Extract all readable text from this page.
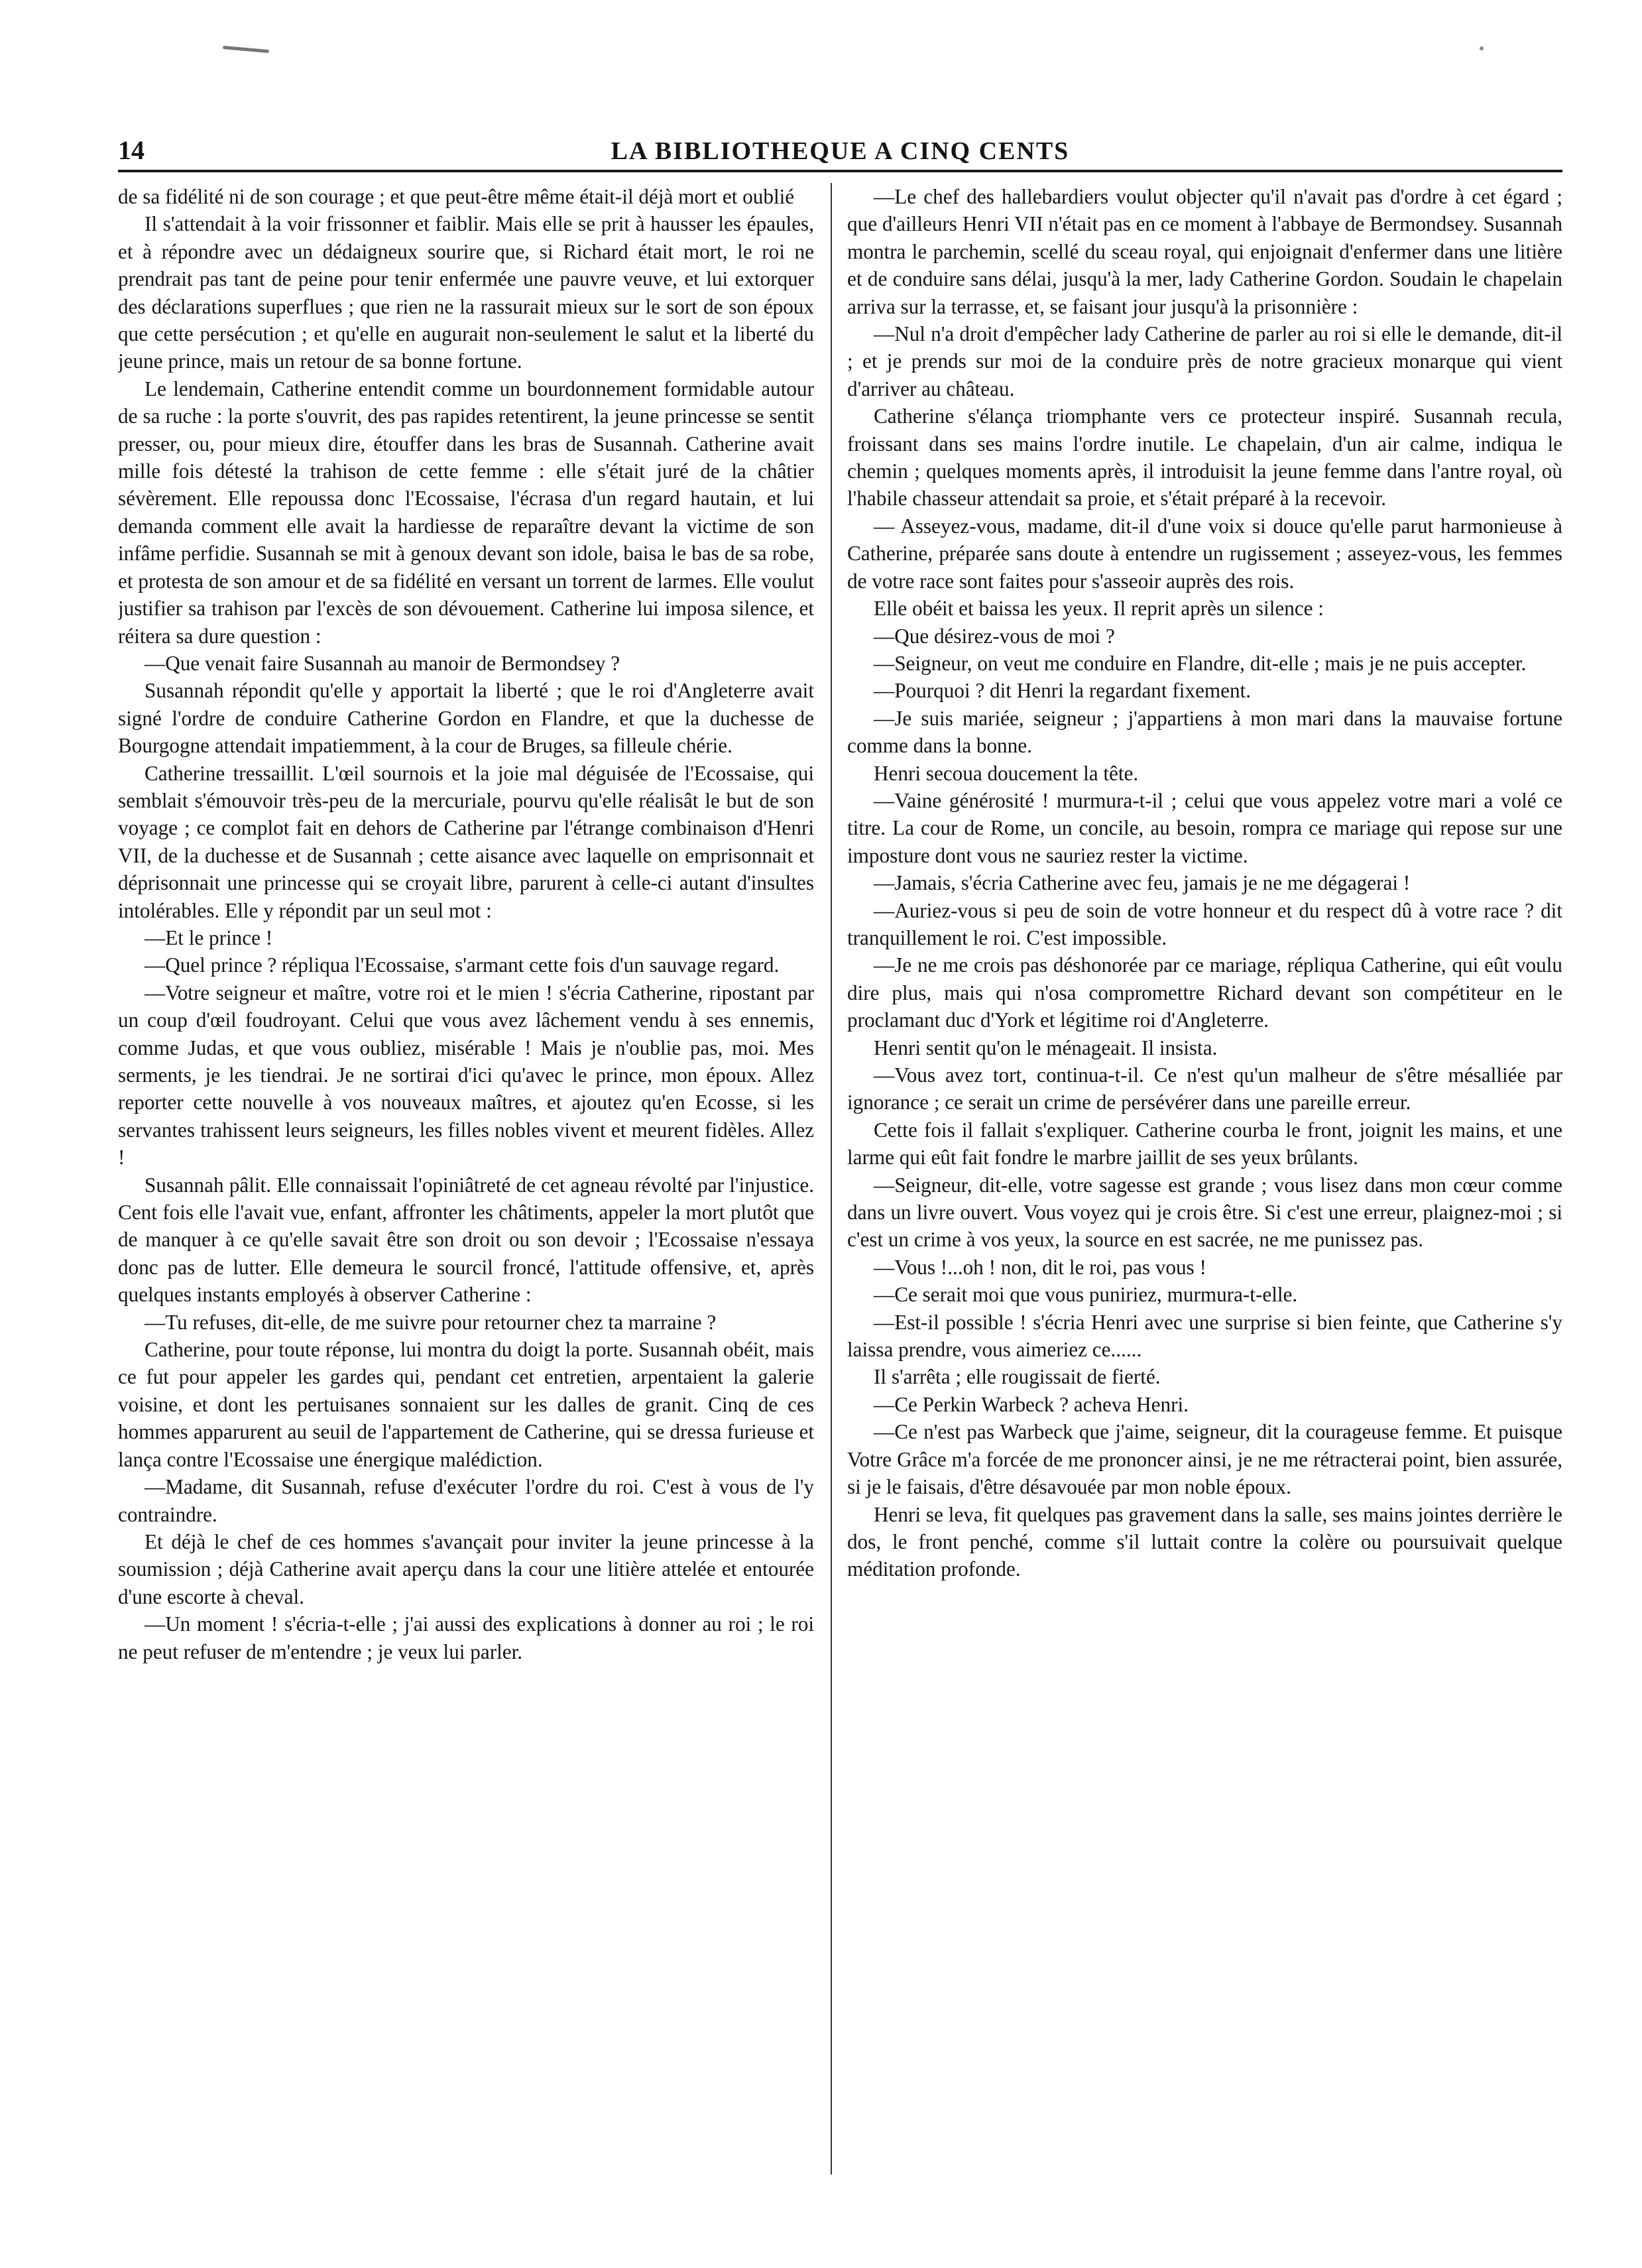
14	LA BIBLIOTHEQUE A CINQ CENTS

de sa fidélité ni de son courage ; et que peut-être même était-il déjà mort et oublié

Il s'attendait à la voir frissonner et faiblir. Mais elle se prit à hausser les épaules, et à répondre avec un dédaigneux sourire que, si Richard était mort, le roi ne prendrait pas tant de peine pour tenir enfermée une pauvre veuve, et lui extorquer des déclarations superflues ; que rien ne la rassurait mieux sur le sort de son époux que cette persécution ; et qu'elle en augurait non-seulement le salut et la liberté du jeune prince, mais un retour de sa bonne fortune.

Le lendemain, Catherine entendit comme un bourdonnement formidable autour de sa ruche : la porte s'ouvrit, des pas rapides retentirent, la jeune princesse se sentit presser, ou, pour mieux dire, étouffer dans les bras de Susannah. Catherine avait mille fois détesté la trahison de cette femme : elle s'était juré de la châtier sévèrement. Elle repoussa donc l'Ecossaise, l'écrasa d'un regard hautain, et lui demanda comment elle avait la hardiesse de reparaître devant la victime de son infâme perfidie. Susannah se mit à genoux devant son idole, baisa le bas de sa robe, et protesta de son amour et de sa fidélité en versant un torrent de larmes. Elle voulut justifier sa trahison par l'excès de son dévouement. Catherine lui imposa silence, et réitera sa dure question :

—Que venait faire Susannah au manoir de Bermondsey ?

Susannah répondit qu'elle y apportait la liberté ; que le roi d'Angleterre avait signé l'ordre de conduire Catherine Gordon en Flandre, et que la duchesse de Bourgogne attendait impatiemment, à la cour de Bruges, sa filleule chérie.

Catherine tressaillit. L'œil sournois et la joie mal déguisée de l'Ecossaise, qui semblait s'émouvoir très-peu de la mercuriale, pourvu qu'elle réalisât le but de son voyage ; ce complot fait en dehors de Catherine par l'étrange combinaison d'Henri VII, de la duchesse et de Susannah ; cette aisance avec laquelle on emprisonnait et déprisonnait une princesse qui se croyait libre, parurent à celle-ci autant d'insultes intolérables. Elle y répondit par un seul mot :

—Et le prince !

—Quel prince ? répliqua l'Ecossaise, s'armant cette fois d'un sauvage regard.

—Votre seigneur et maître, votre roi et le mien ! s'écria Catherine, ripostant par un coup d'œil foudroyant. Celui que vous avez lâchement vendu à ses ennemis, comme Judas, et que vous oubliez, misérable ! Mais je n'oublie pas, moi. Mes serments, je les tiendrai. Je ne sortirai d'ici qu'avec le prince, mon époux. Allez reporter cette nouvelle à vos nouveaux maîtres, et ajoutez qu'en Ecosse, si les servantes trahissent leurs seigneurs, les filles nobles vivent et meurent fidèles. Allez !

Susannah pâlit. Elle connaissait l'opiniâtreté de cet agneau révolté par l'injustice. Cent fois elle l'avait vue, enfant, affronter les châtiments, appeler la mort plutôt que de manquer à ce qu'elle savait être son droit ou son devoir ; l'Ecossaise n'essaya donc pas de lutter. Elle demeura le sourcil froncé, l'attitude offensive, et, après quelques instants employés à observer Catherine :

—Tu refuses, dit-elle, de me suivre pour retourner chez ta marraine ?

Catherine, pour toute réponse, lui montra du doigt la porte. Susannah obéit, mais ce fut pour appeler les gardes qui, pendant cet entretien, arpentaient la galerie voisine, et dont les pertuisanes sonnaient sur les dalles de granit. Cinq de ces hommes apparurent au seuil de l'appartement de Catherine, qui se dressa furieuse et lança contre l'Ecossaise une énergique malédiction.

—Madame, dit Susannah, refuse d'exécuter l'ordre du roi. C'est à vous de l'y contraindre.

Et déjà le chef de ces hommes s'avançait pour inviter la jeune princesse à la soumission ; déjà Catherine avait aperçu dans la cour une litière attelée et entourée d'une escorte à cheval.

—Un moment ! s'écria-t-elle ; j'ai aussi des explications à donner au roi ; le roi ne peut refuser de m'entendre ; je veux lui parler.

—Le chef des hallebardiers voulut objecter qu'il n'avait pas d'ordre à cet égard ; que d'ailleurs Henri VII n'était pas en ce moment à l'abbaye de Bermondsey. Susannah montra le parchemin, scellé du sceau royal, qui enjoignait d'enfermer dans une litière et de conduire sans délai, jusqu'à la mer, lady Catherine Gordon. Soudain le chapelain arriva sur la terrasse, et, se faisant jour jusqu'à la prisonnière :

—Nul n'a droit d'empêcher lady Catherine de parler au roi si elle le demande, dit-il ; et je prends sur moi de la conduire près de notre gracieux monarque qui vient d'arriver au château.

Catherine s'élança triomphante vers ce protecteur inspiré. Susannah recula, froissant dans ses mains l'ordre inutile. Le chapelain, d'un air calme, indiqua le chemin ; quelques moments après, il introduisit la jeune femme dans l'antre royal, où l'habile chasseur attendait sa proie, et s'était préparé à la recevoir.

— Asseyez-vous, madame, dit-il d'une voix si douce qu'elle parut harmonieuse à Catherine, préparée sans doute à entendre un rugissement ; asseyez-vous, les femmes de votre race sont faites pour s'asseoir auprès des rois.

Elle obéit et baissa les yeux. Il reprit après un silence :

—Que désirez-vous de moi ?

—Seigneur, on veut me conduire en Flandre, dit-elle ; mais je ne puis accepter.

—Pourquoi ? dit Henri la regardant fixement.

—Je suis mariée, seigneur ; j'appartiens à mon mari dans la mauvaise fortune comme dans la bonne.

Henri secoua doucement la tête.

—Vaine générosité ! murmura-t-il ; celui que vous appelez votre mari a volé ce titre. La cour de Rome, un concile, au besoin, rompra ce mariage qui repose sur une imposture dont vous ne sauriez rester la victime.

—Jamais, s'écria Catherine avec feu, jamais je ne me dégagerai !

—Auriez-vous si peu de soin de votre honneur et du respect dû à votre race ? dit tranquillement le roi. C'est impossible.

—Je ne me crois pas déshonorée par ce mariage, répliqua Catherine, qui eût voulu dire plus, mais qui n'osa compromettre Richard devant son compétiteur en le proclamant duc d'York et légitime roi d'Angleterre.

Henri sentit qu'on le ménageait. Il insista.

—Vous avez tort, continua-t-il. Ce n'est qu'un malheur de s'être mésalliée par ignorance ; ce serait un crime de persévérer dans une pareille erreur.

Cette fois il fallait s'expliquer. Catherine courba le front, joignit les mains, et une larme qui eût fait fondre le marbre jaillit de ses yeux brûlants.

—Seigneur, dit-elle, votre sagesse est grande ; vous lisez dans mon cœur comme dans un livre ouvert. Vous voyez qui je crois être. Si c'est une erreur, plaignez-moi ; si c'est un crime à vos yeux, la source en est sacrée, ne me punissez pas.

—Vous !...oh ! non, dit le roi, pas vous !

—Ce serait moi que vous puniriez, murmura-t-elle.

—Est-il possible ! s'écria Henri avec une surprise si bien feinte, que Catherine s'y laissa prendre, vous aimeriez ce......

Il s'arrêta ; elle rougissait de fierté.

—Ce Perkin Warbeck ? acheva Henri.

—Ce n'est pas Warbeck que j'aime, seigneur, dit la courageuse femme. Et puisque Votre Grâce m'a forcée de me prononcer ainsi, je ne me rétracterai point, bien assurée, si je le faisais, d'être désavouée par mon noble époux.

Henri se leva, fit quelques pas gravement dans la salle, ses mains jointes derrière le dos, le front penché, comme s'il luttait contre la colère ou poursuivait quelque méditation profonde.
